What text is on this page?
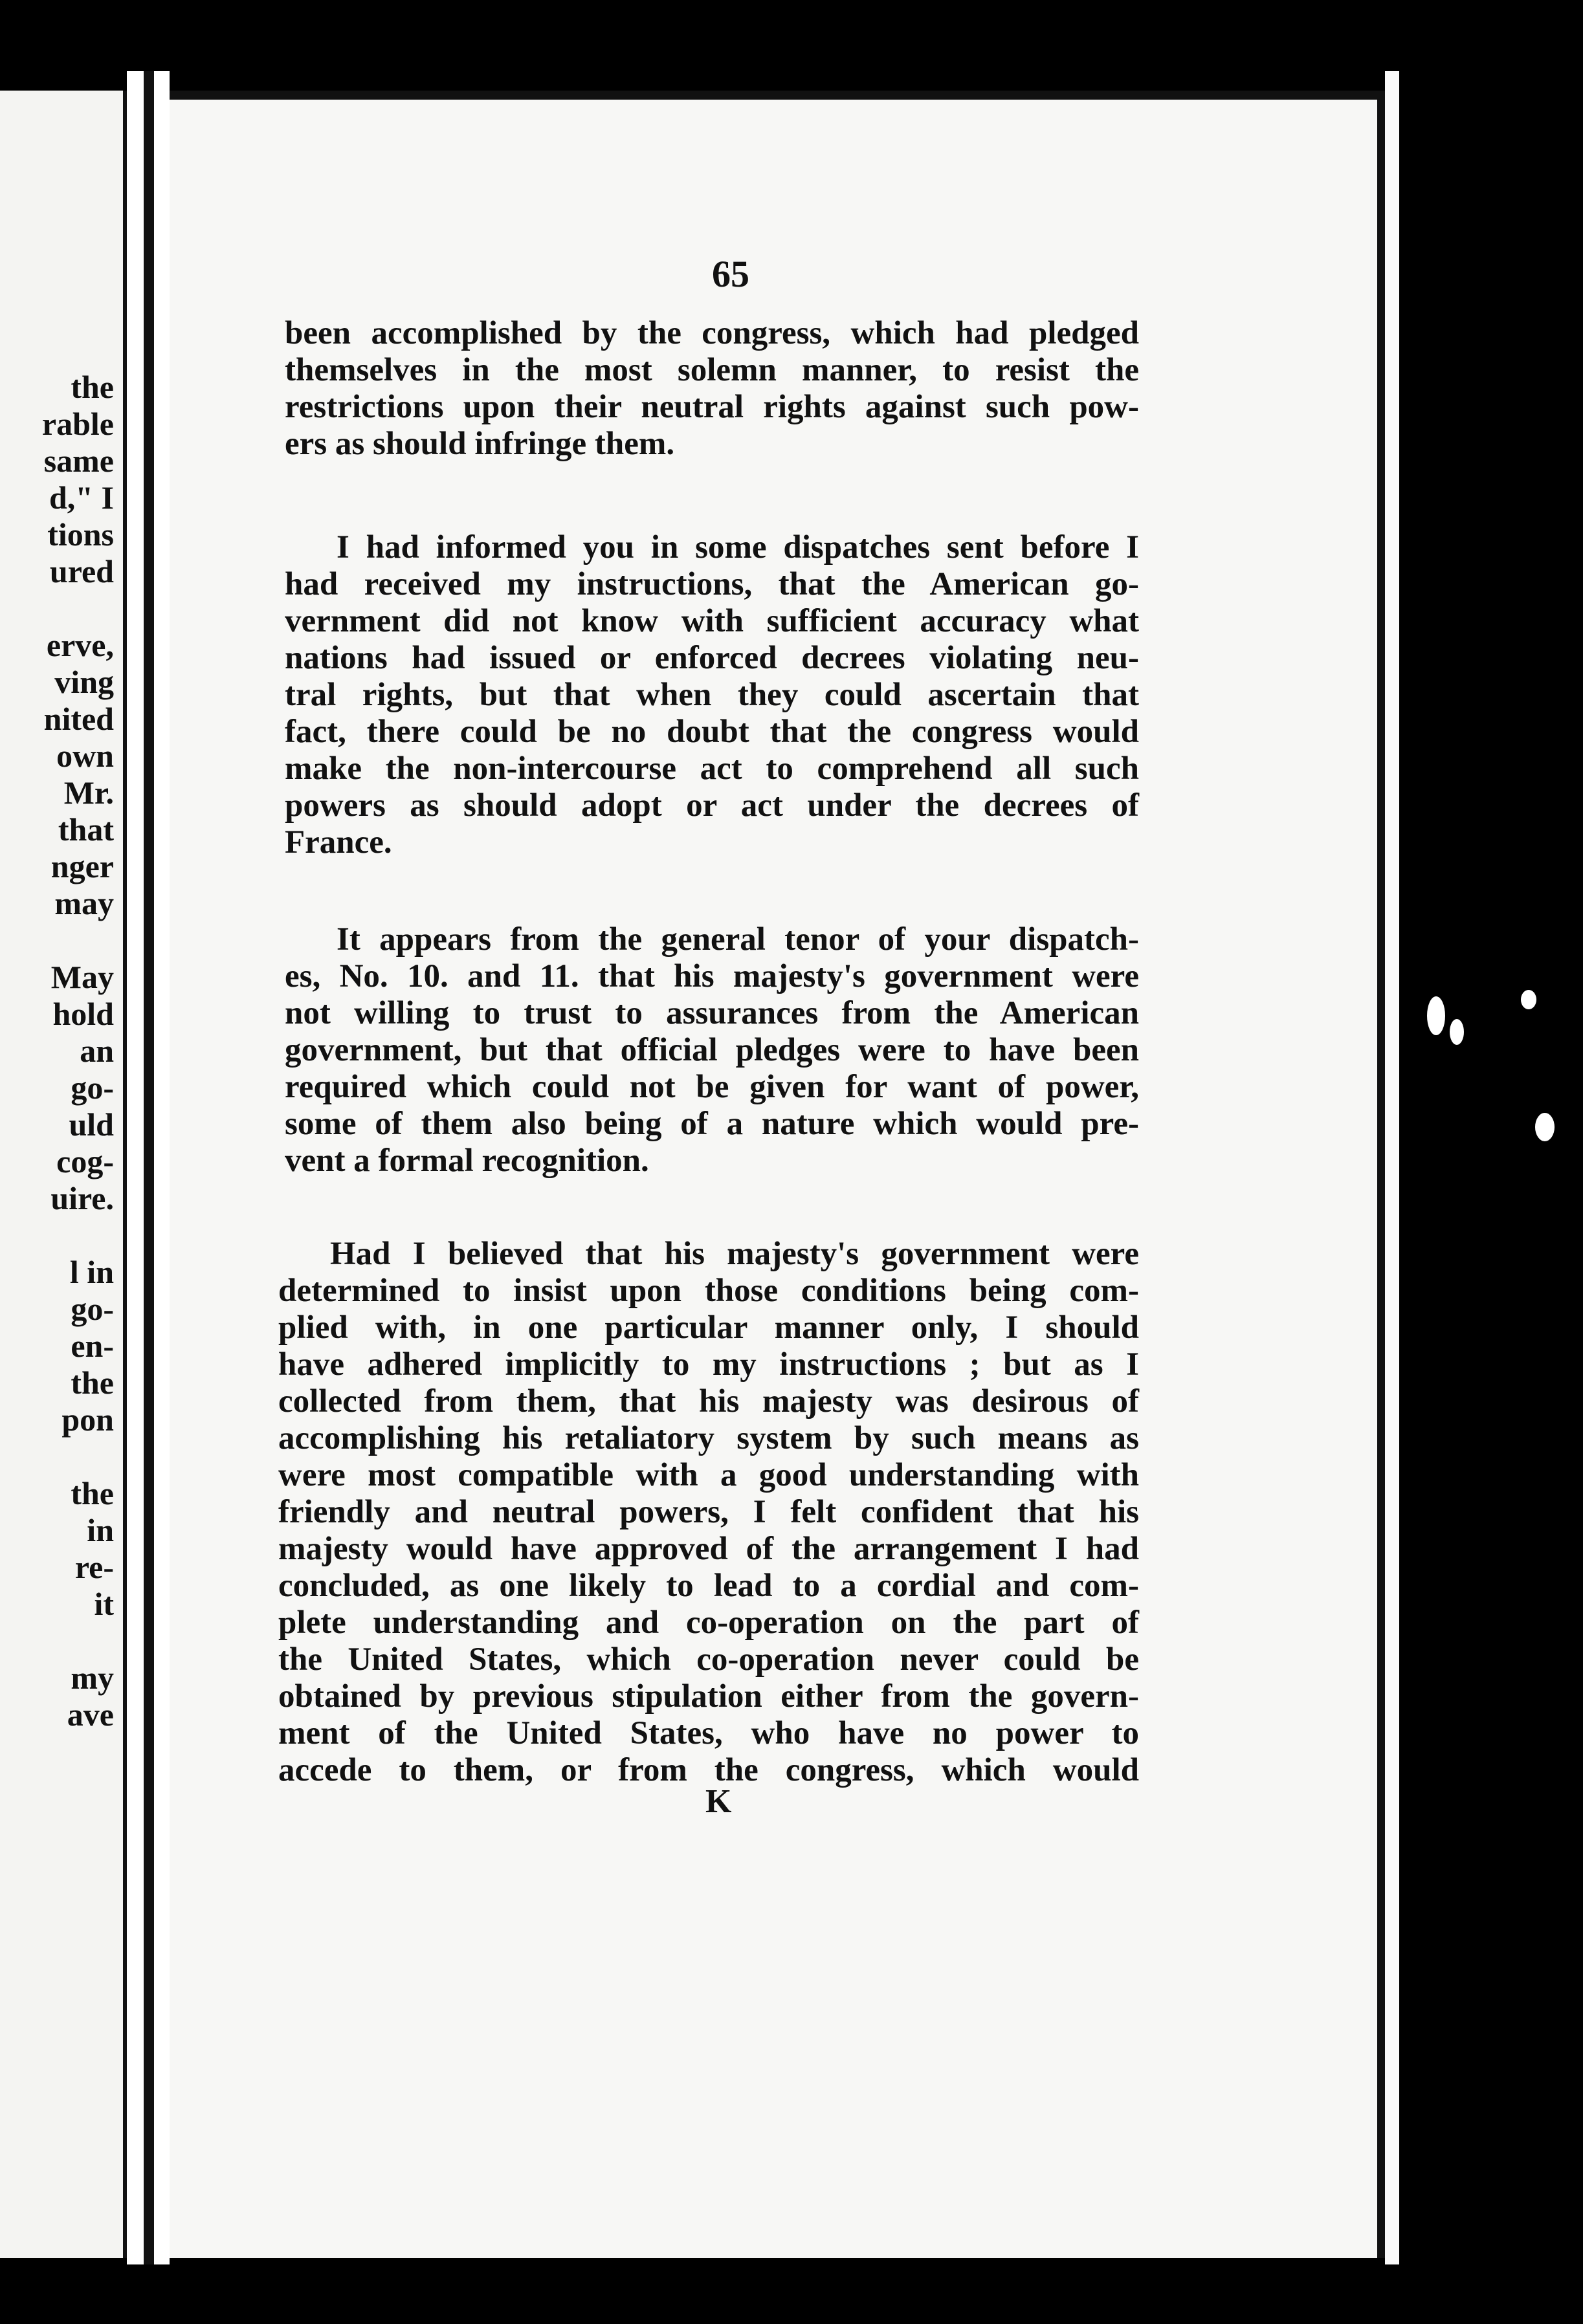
the
rable
same
d," I
tions
ured

erve,
ving
nited
own
Mr.
that
nger
may

May
hold
an
go-
uld
cog-
uire.

l in
go-
en-
the
pon

the
in
re-
it

my
ave
65
been accomplished by the congress, which had pledged
themselves in the most solemn manner, to resist the
restrictions upon their neutral rights against such pow-
ers as should infringe them.
I had informed you in some dispatches sent before I
had received my instructions, that the American go-
vernment did not know with sufficient accuracy what
nations had issued or enforced decrees violating neu-
tral rights, but that when they could ascertain that
fact, there could be no doubt that the congress would
make the non-intercourse act to comprehend all such
powers as should adopt or act under the decrees of
France.
It appears from the general tenor of your dispatch-
es, No. 10. and 11. that his majesty's government were
not willing to trust to assurances from the American
government, but that official pledges were to have been
required which could not be given for want of power,
some of them also being of a nature which would pre-
vent a formal recognition.
Had I believed that his majesty's government were
determined to insist upon those conditions being com-
plied with, in one particular manner only, I should
have adhered implicitly to my instructions ; but as I
collected from them, that his majesty was desirous of
accomplishing his retaliatory system by such means as
were most compatible with a good understanding with
friendly and neutral powers, I felt confident that his
majesty would have approved of the arrangement I had
concluded, as one likely to lead to a cordial and com-
plete understanding and co-operation on the part of
the United States, which co-operation never could be
obtained by previous stipulation either from the govern-
ment of the United States, who have no power to
accede to them, or from the congress, which would
K
